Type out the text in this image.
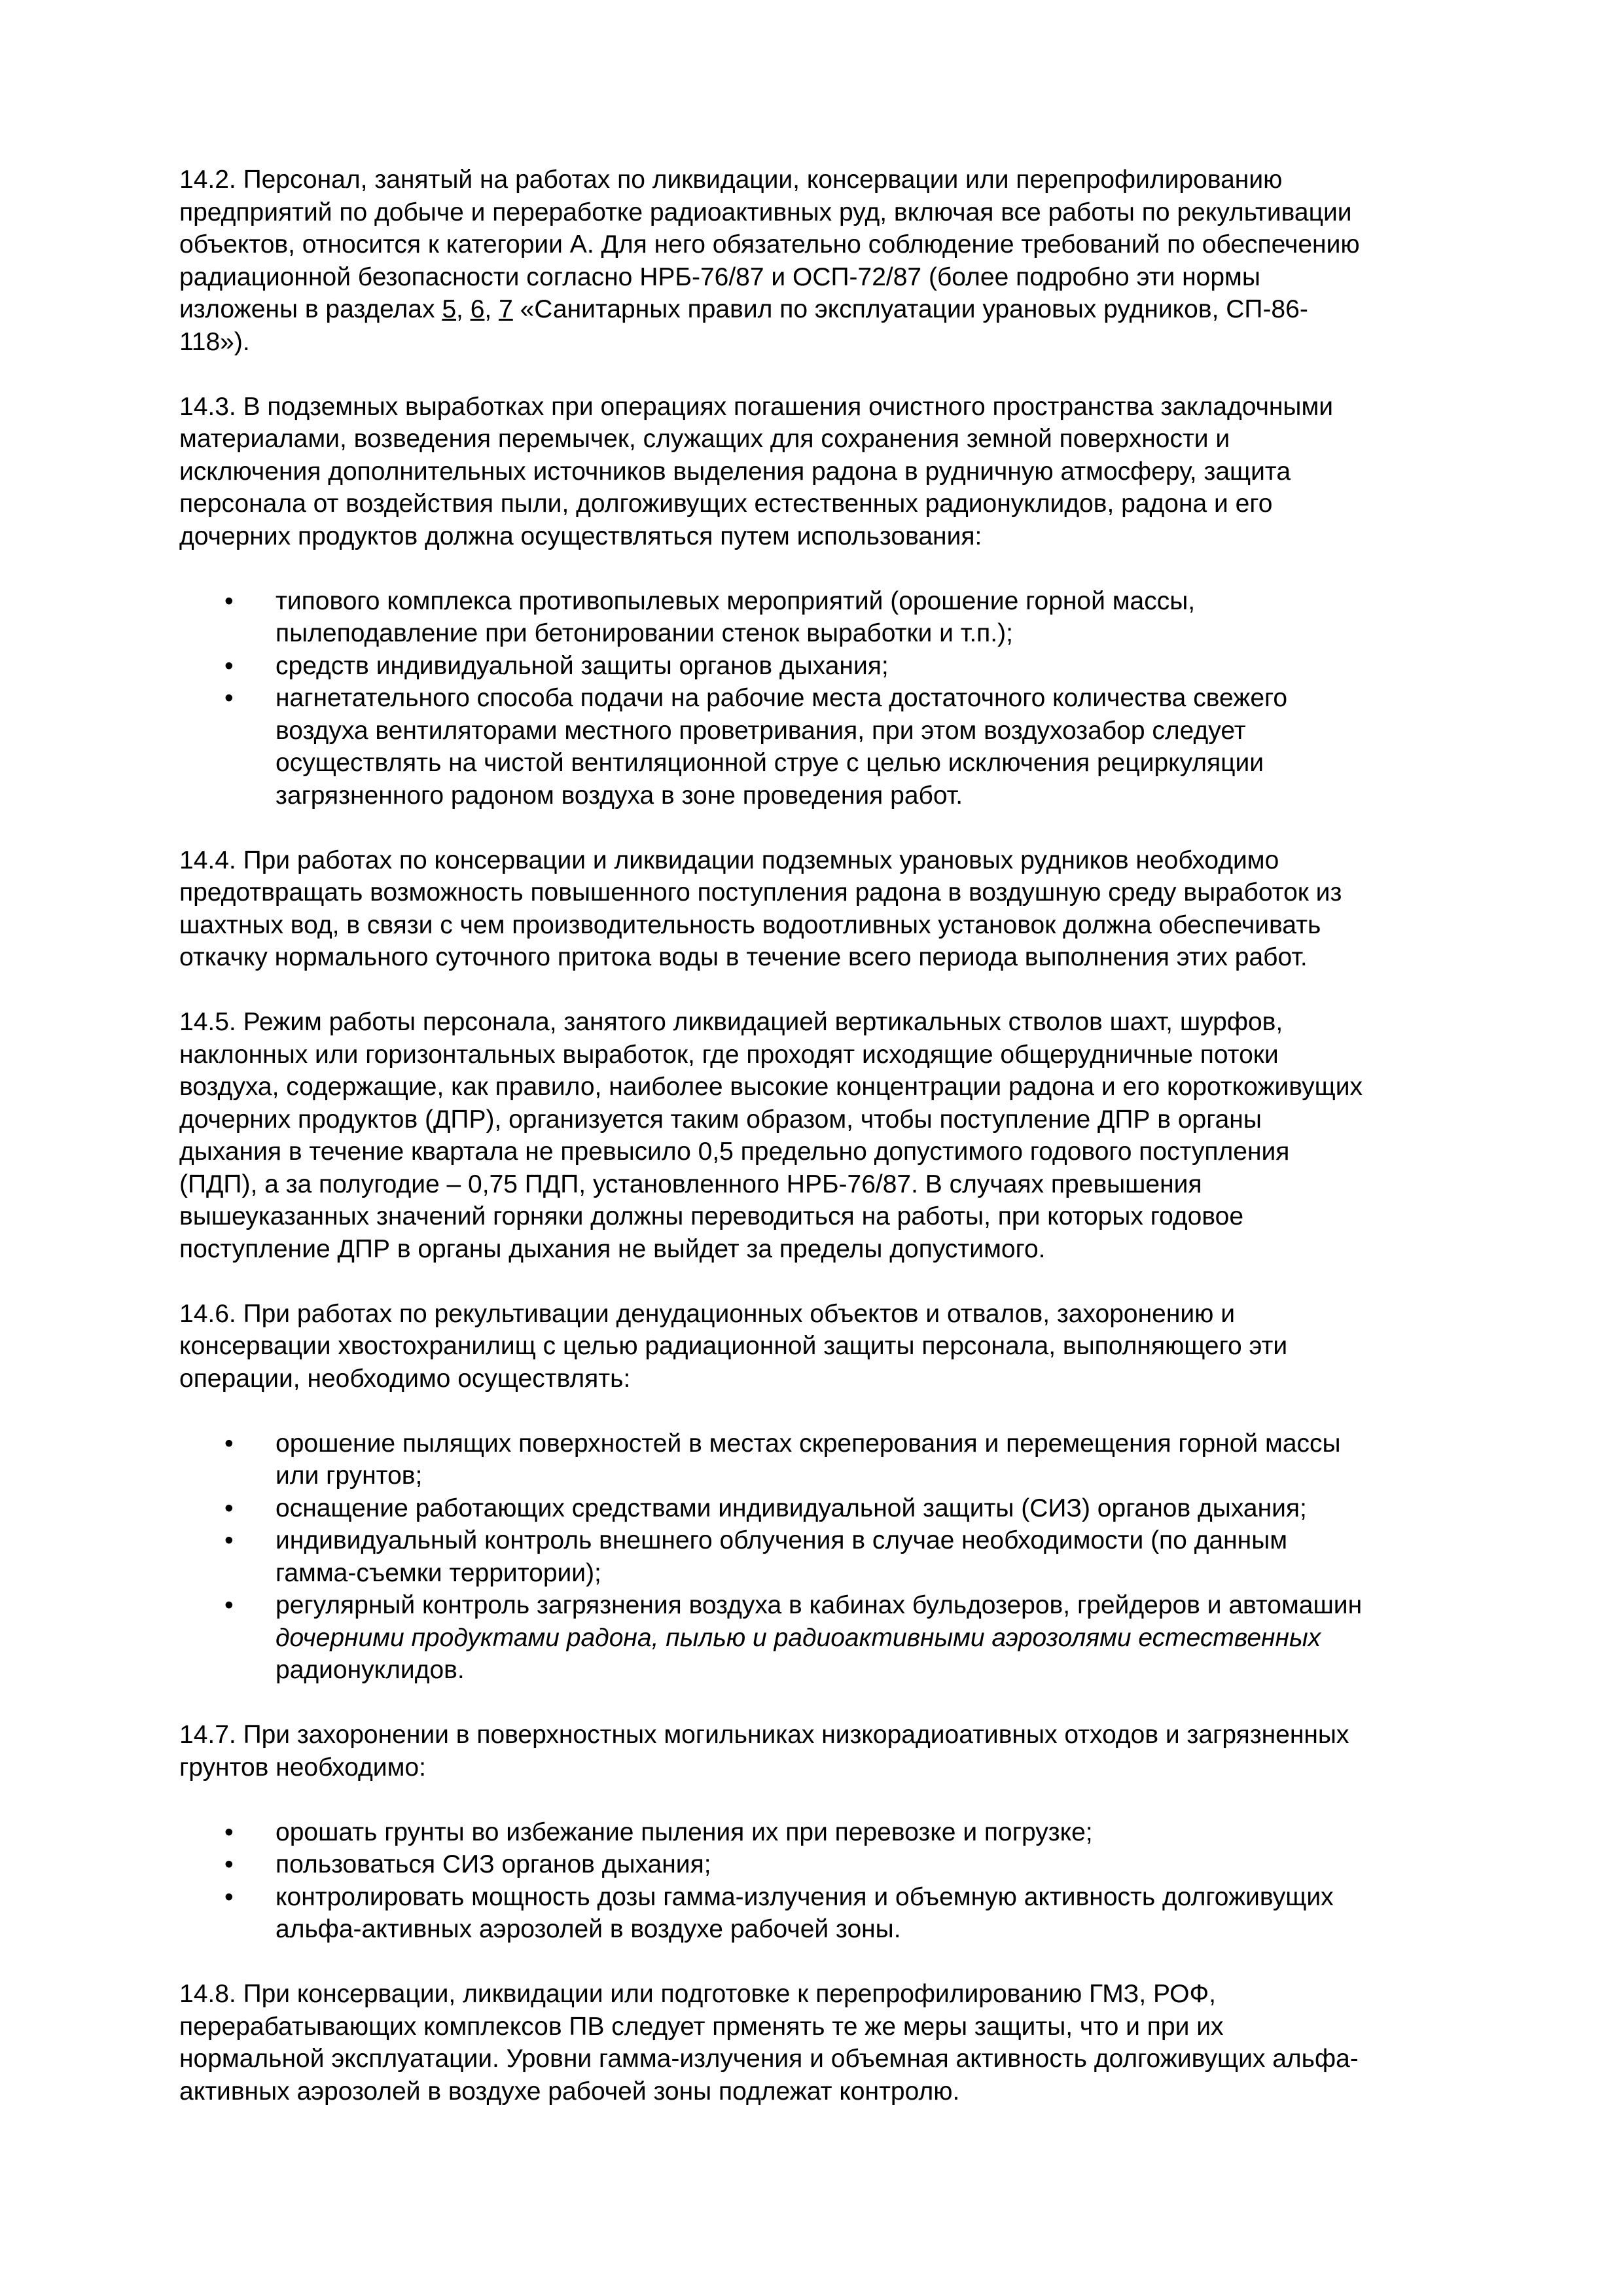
14.2. Персонал, занятый на работах по ликвидации, консервации или перепрофилированию
предприятий по добыче и переработке радиоактивных руд, включая все работы по рекультивации
объектов, относится к категории А. Для него обязательно соблюдение требований по обеспечению
радиационной безопасности согласно НРБ-76/87 и ОСП-72/87 (более подробно эти нормы
изложены в разделах 5, 6, 7 «Санитарных правил по эксплуатации урановых рудников, СП-86-
118»).

14.3. В подземных выработках при операциях погашения очистного пространства закладочными
материалами, возведения перемычек, служащих для сохранения земной поверхности и
исключения дополнительных источников выделения радона в рудничную атмосферу, защита
персонала от воздействия пыли, долгоживущих естественных радионуклидов, радона и его
дочерних продуктов должна осуществляться путем использования:

• типового комплекса противопылевых мероприятий (орошение горной массы,
пылеподавление при бетонировании стенок выработки и т.п.);
• средств индивидуальной защиты органов дыхания;
• нагнетательного способа подачи на рабочие места достаточного количества свежего
воздуха вентиляторами местного проветривания, при этом воздухозабор следует
осуществлять на чистой вентиляционной струе с целью исключения рециркуляции
загрязненного радоном воздуха в зоне проведения работ.

14.4. При работах по консервации и ликвидации подземных урановых рудников необходимо
предотвращать возможность повышенного поступления радона в воздушную среду выработок из
шахтных вод, в связи с чем производительность водоотливных установок должна обеспечивать
откачку нормального суточного притока воды в течение всего периода выполнения этих работ.

14.5. Режим работы персонала, занятого ликвидацией вертикальных стволов шахт, шурфов,
наклонных или горизонтальных выработок, где проходят исходящие общерудничные потоки
воздуха, содержащие, как правило, наиболее высокие концентрации радона и его короткоживущих
дочерних продуктов (ДПР), организуется таким образом, чтобы поступление ДПР в органы
дыхания в течение квартала не превысило 0,5 предельно допустимого годового поступления
(ПДП), а за полугодие – 0,75 ПДП, установленного НРБ-76/87. В случаях превышения
вышеуказанных значений горняки должны переводиться на работы, при которых годовое
поступление ДПР в органы дыхания не выйдет за пределы допустимого.

14.6. При работах по рекультивации денудационных объектов и отвалов, захоронению и
консервации хвостохранилищ с целью радиационной защиты персонала, выполняющего эти
операции, необходимо осуществлять:

• орошение пылящих поверхностей в местах скреперования и перемещения горной массы
или грунтов;
• оснащение работающих средствами индивидуальной защиты (СИЗ) органов дыхания;
• индивидуальный контроль внешнего облучения в случае необходимости (по данным
гамма-съемки территории);
• регулярный контроль загрязнения воздуха в кабинах бульдозеров, грейдеров и автомашин
дочерними продуктами радона, пылью и радиоактивными аэрозолями естественных
радионуклидов.

14.7. При захоронении в поверхностных могильниках низкорадиоативных отходов и загрязненных
грунтов необходимо:

• орошать грунты во избежание пыления их при перевозке и погрузке;
• пользоваться СИЗ органов дыхания;
• контролировать мощность дозы гамма-излучения и объемную активность долгоживущих
альфа-активных аэрозолей в воздухе рабочей зоны.

14.8. При консервации, ликвидации или подготовке к перепрофилированию ГМЗ, РОФ,
перерабатывающих комплексов ПВ следует прменять те же меры защиты, что и при их
нормальной эксплуатации. Уровни гамма-излучения и объемная активность долгоживущих альфа-
активных аэрозолей в воздухе рабочей зоны подлежат контролю.
